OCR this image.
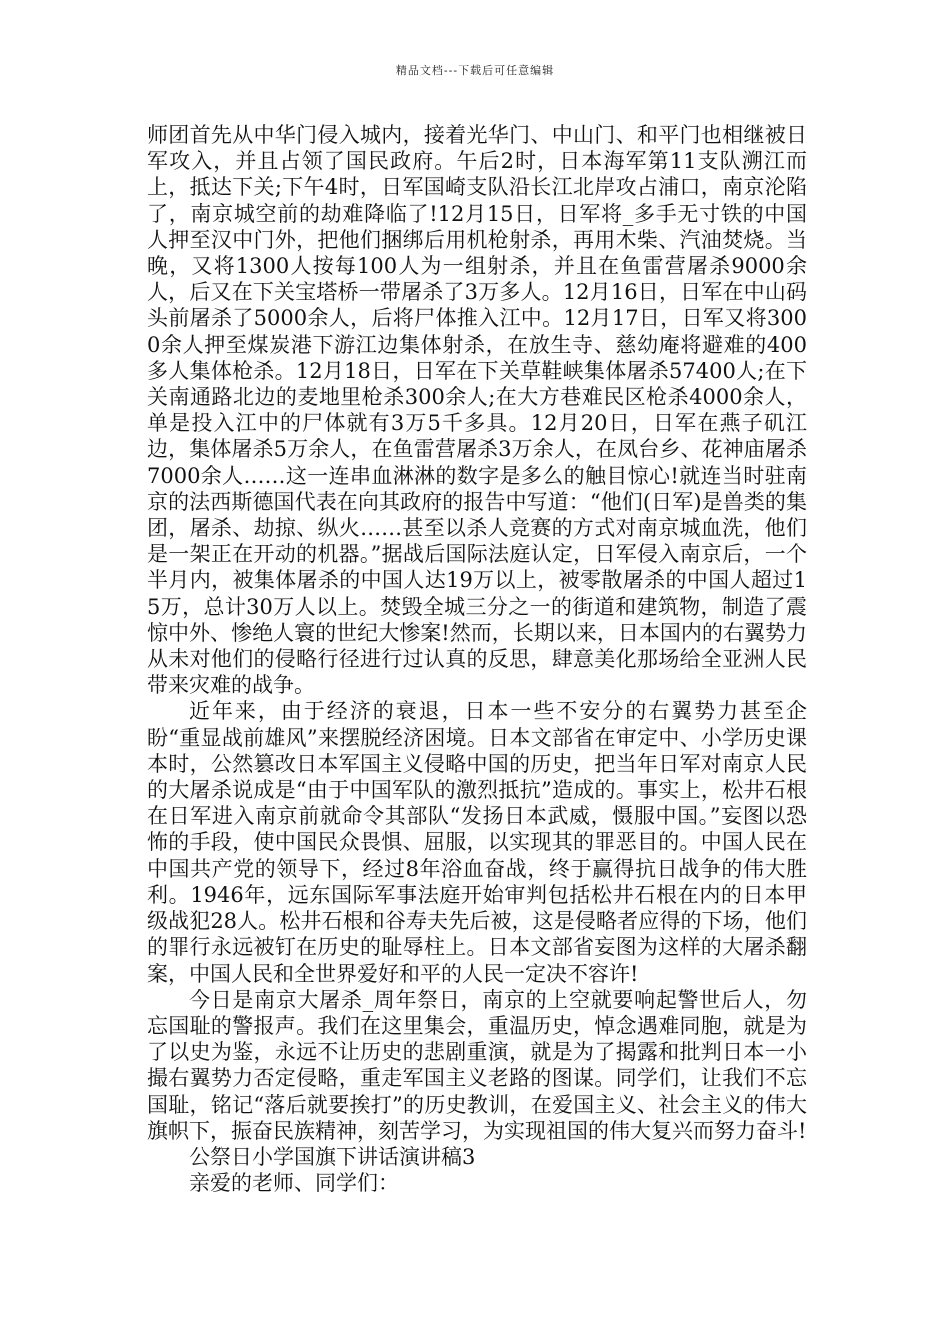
精品文档---下载后可任意编辑

师团首先从中华门侵入城内，接着光华门、中山门、和平门也相继被日军攻入，并且占领了国民政府。午后2时，日本海军第11支队溯江而上，抵达下关;下午4时，日军国崎支队沿长江北岸攻占浦口，南京沦陷了，南京城空前的劫难降临了!12月15日，日军将_多手无寸铁的中国人押至汉中门外，把他们捆绑后用机枪射杀，再用木柴、汽油焚烧。当晚，又将1300人按每100人为一组射杀，并且在鱼雷营屠杀9000余人，后又在下关宝塔桥一带屠杀了3万多人。12月16日，日军在中山码头前屠杀了5000余人，后将尸体推入江中。12月17日，日军又将3000余人押至煤炭港下游江边集体射杀，在放生寺、慈幼庵将避难的400多人集体枪杀。12月18日，日军在下关草鞋峡集体屠杀57400人;在下关南通路北边的麦地里枪杀300余人;在大方巷难民区枪杀4000余人，单是投入江中的尸体就有3万5千多具。12月20日，日军在燕子矶江边，集体屠杀5万余人，在鱼雷营屠杀3万余人，在凤台乡、花神庙屠杀7000余人……这一连串血淋淋的数字是多么的触目惊心!就连当时驻南京的法西斯德国代表在向其政府的报告中写道：“他们(日军)是兽类的集团，屠杀、劫掠、纵火……甚至以杀人竞赛的方式对南京城血洗，他们是一架正在开动的机器。”据战后国际法庭认定，日军侵入南京后，一个半月内，被集体屠杀的中国人达19万以上，被零散屠杀的中国人超过15万，总计30万人以上。焚毁全城三分之一的街道和建筑物，制造了震惊中外、惨绝人寰的世纪大惨案!然而，长期以来，日本国内的右翼势力从未对他们的侵略行径进行过认真的反思，肆意美化那场给全亚洲人民带来灾难的战争。

近年来，由于经济的衰退，日本一些不安分的右翼势力甚至企盼“重显战前雄风”来摆脱经济困境。日本文部省在审定中、小学历史课本时，公然篡改日本军国主义侵略中国的历史，把当年日军对南京人民的大屠杀说成是“由于中国军队的激烈抵抗”造成的。事实上，松井石根在日军进入南京前就命令其部队“发扬日本武威，慑服中国。”妄图以恐怖的手段，使中国民众畏惧、屈服，以实现其的罪恶目的。中国人民在中国共产党的领导下，经过8年浴血奋战，终于赢得抗日战争的伟大胜利。1946年，远东国际军事法庭开始审判包括松井石根在内的日本甲级战犯28人。松井石根和谷寿夫先后被，这是侵略者应得的下场，他们的罪行永远被钉在历史的耻辱柱上。日本文部省妄图为这样的大屠杀翻案，中国人民和全世界爱好和平的人民一定决不容许!

今日是南京大屠杀_周年祭日，南京的上空就要响起警世后人，勿忘国耻的警报声。我们在这里集会，重温历史，悼念遇难同胞，就是为了以史为鉴，永远不让历史的悲剧重演，就是为了揭露和批判日本一小撮右翼势力否定侵略，重走军国主义老路的图谋。同学们，让我们不忘国耻，铭记“落后就要挨打”的历史教训，在爱国主义、社会主义的伟大旗帜下，振奋民族精神，刻苦学习，为实现祖国的伟大复兴而努力奋斗!

公祭日小学国旗下讲话演讲稿3

亲爱的老师、同学们：
